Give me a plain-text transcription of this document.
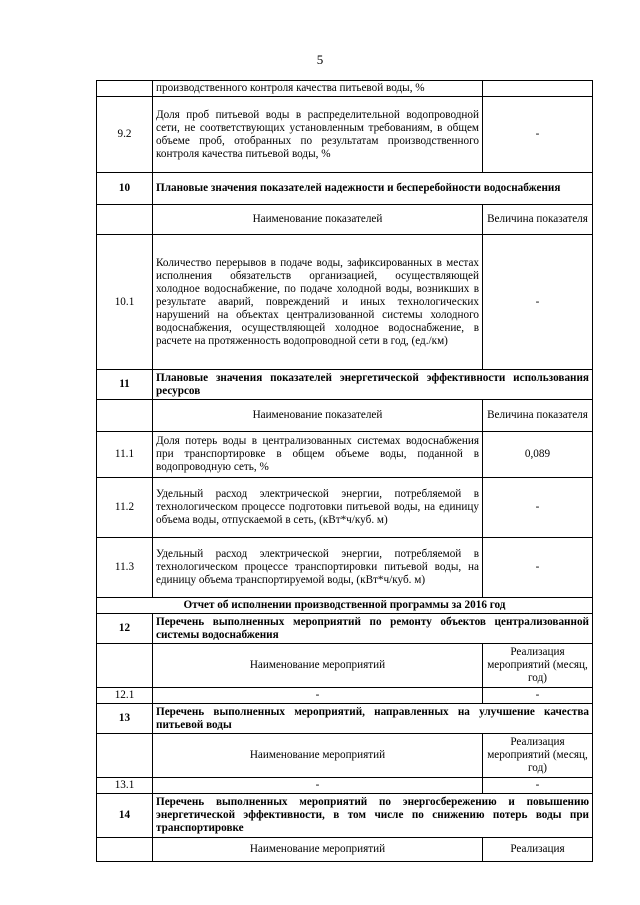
5
	производственного контроля качества питьевой воды, %	
9.2	Доля проб питьевой воды в распределительной водопроводной сети, не соответствующих установленным требованиям, в общем объеме проб, отобранных по результатам производственного контроля качества питьевой воды, %	-
10	Плановые значения показателей надежности и бесперебойности водоснабжения	
	Наименование показателей	Величина показателя
10.1	Количество перерывов в подаче воды, зафиксированных в местах исполнения обязательств организацией, осуществляющей холодное водоснабжение, по подаче холодной воды, возникших в результате аварий, повреждений и иных технологических нарушений на объектах централизованной системы холодного водоснабжения, осуществляющей холодное водоснабжение, в расчете на протяженность водопроводной сети в год, (ед./км)	-
11	Плановые значения показателей энергетической эффективности использования ресурсов	
	Наименование показателей	Величина показателя
11.1	Доля потерь воды в централизованных системах водоснабжения при транспортировке в общем объеме воды, поданной в водопроводную сеть, %	0,089
11.2	Удельный расход электрической энергии, потребляемой в технологическом процессе подготовки питьевой воды, на единицу объема воды, отпускаемой в сеть, (кВт*ч/куб. м)	-
11.3	Удельный расход электрической энергии, потребляемой в технологическом процессе транспортировки питьевой воды, на единицу объема транспортируемой воды, (кВт*ч/куб. м)	-
Отчет об исполнении производственной программы за 2016 год		
12	Перечень выполненных мероприятий по ремонту объектов централизованной системы водоснабжения	
	Наименование мероприятий	Реализация мероприятий (месяц, год)
12.1	-	-
13	Перечень выполненных мероприятий, направленных на улучшение качества питьевой воды	
	Наименование мероприятий	Реализация мероприятий (месяц, год)
13.1	-	-
14	Перечень выполненных мероприятий по энергосбережению и повышению энергетической эффективности, в том числе по снижению потерь воды при транспортировке	
	Наименование мероприятий	Реализация
